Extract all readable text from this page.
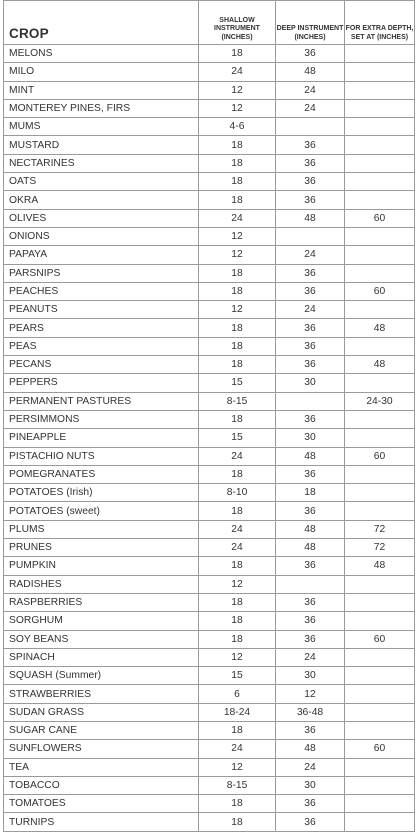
CROP	SHALLOW INSTRUMENT (INCHES)	DEEP INSTRUMENT (INCHES)	FOR EXTRA DEPTH, SET AT (INCHES)
MELONS	18	36	
MILO	24	48	
MINT	12	24	
MONTEREY PINES, FIRS	12	24	
MUMS	4-6		
MUSTARD	18	36	
NECTARINES	18	36	
OATS	18	36	
OKRA	18	36	
OLIVES	24	48	60
ONIONS	12		
PAPAYA	12	24	
PARSNIPS	18	36	
PEACHES	18	36	60
PEANUTS	12	24	
PEARS	18	36	48
PEAS	18	36	
PECANS	18	36	48
PEPPERS	15	30	
PERMANENT PASTURES	8-15		24-30
PERSIMMONS	18	36	
PINEAPPLE	15	30	
PISTACHIO NUTS	24	48	60
POMEGRANATES	18	36	
POTATOES (Irish)	8-10	18	
POTATOES (sweet)	18	36	
PLUMS	24	48	72
PRUNES	24	48	72
PUMPKIN	18	36	48
RADISHES	12		
RASPBERRIES	18	36	
SORGHUM	18	36	
SOY BEANS	18	36	60
SPINACH	12	24	
SQUASH (Summer)	15	30	
STRAWBERRIES	6	12	
SUDAN GRASS	18-24	36-48	
SUGAR CANE	18	36	
SUNFLOWERS	24	48	60
TEA	12	24	
TOBACCO	8-15	30	
TOMATOES	18	36	
TURNIPS	18	36	
